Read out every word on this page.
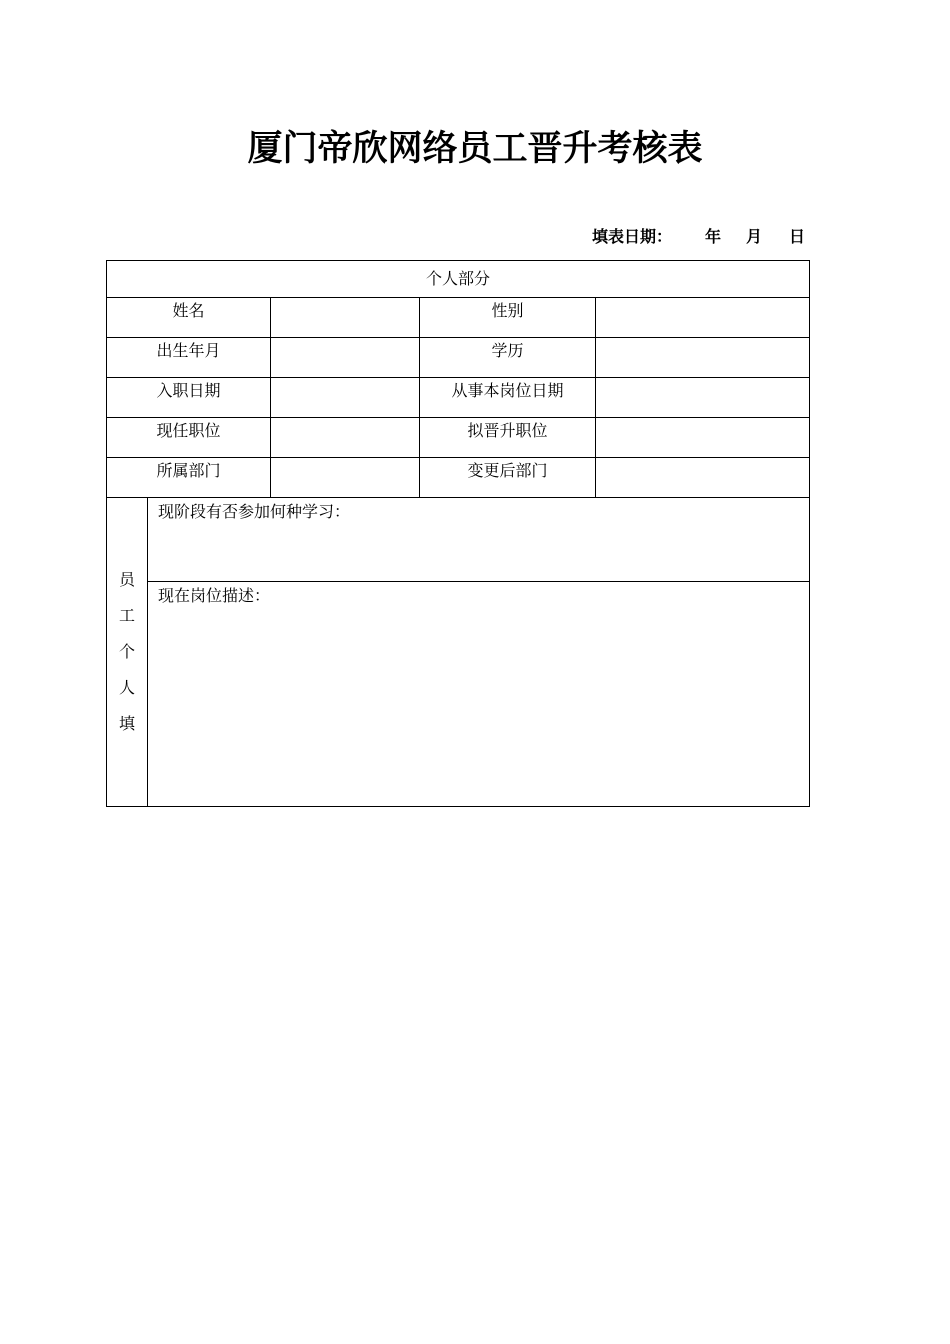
厦门帝欣网络员工晋升考核表
填表日期： 年 月 日
个人部分				
姓名			性别	
出生年月			学历	
入职日期			从事本岗位日期	
现任职位			拟晋升职位	
所属部门			变更后部门	

员
工
个
人
填	现阶段有否参加何种学习：			
	现在岗位描述：			
